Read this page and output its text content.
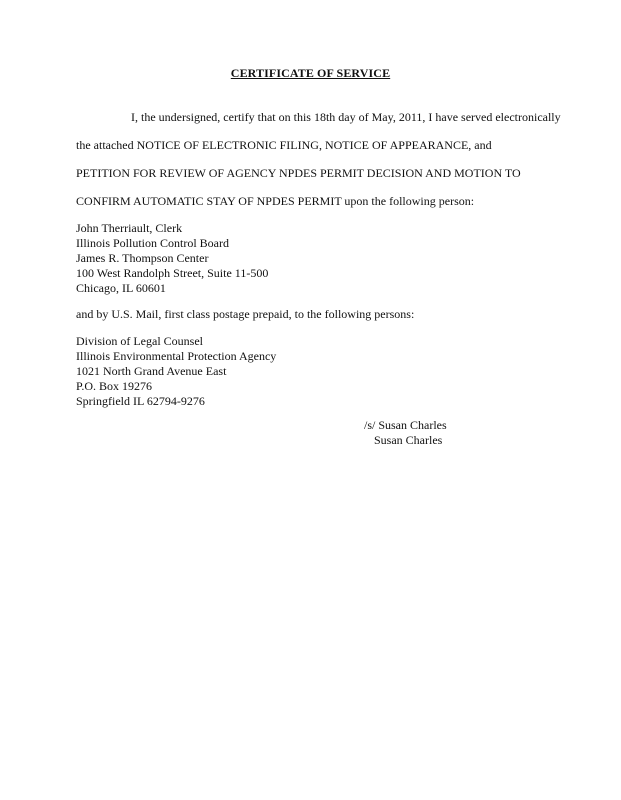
CERTIFICATE OF SERVICE
I, the undersigned, certify that on this 18th day of May, 2011, I have served electronically
the attached NOTICE OF ELECTRONIC FILING, NOTICE OF APPEARANCE, and
PETITION FOR REVIEW OF AGENCY NPDES PERMIT DECISION AND MOTION TO
CONFIRM AUTOMATIC STAY OF NPDES PERMIT upon the following person:
John Therriault, Clerk
Illinois Pollution Control Board
James R. Thompson Center
100 West Randolph Street, Suite 11-500
Chicago, IL 60601
and by U.S. Mail, first class postage prepaid, to the following persons:
Division of Legal Counsel
Illinois Environmental Protection Agency
1021 North Grand Avenue East
P.O. Box 19276
Springfield IL 62794-9276
/s/ Susan Charles
Susan Charles
